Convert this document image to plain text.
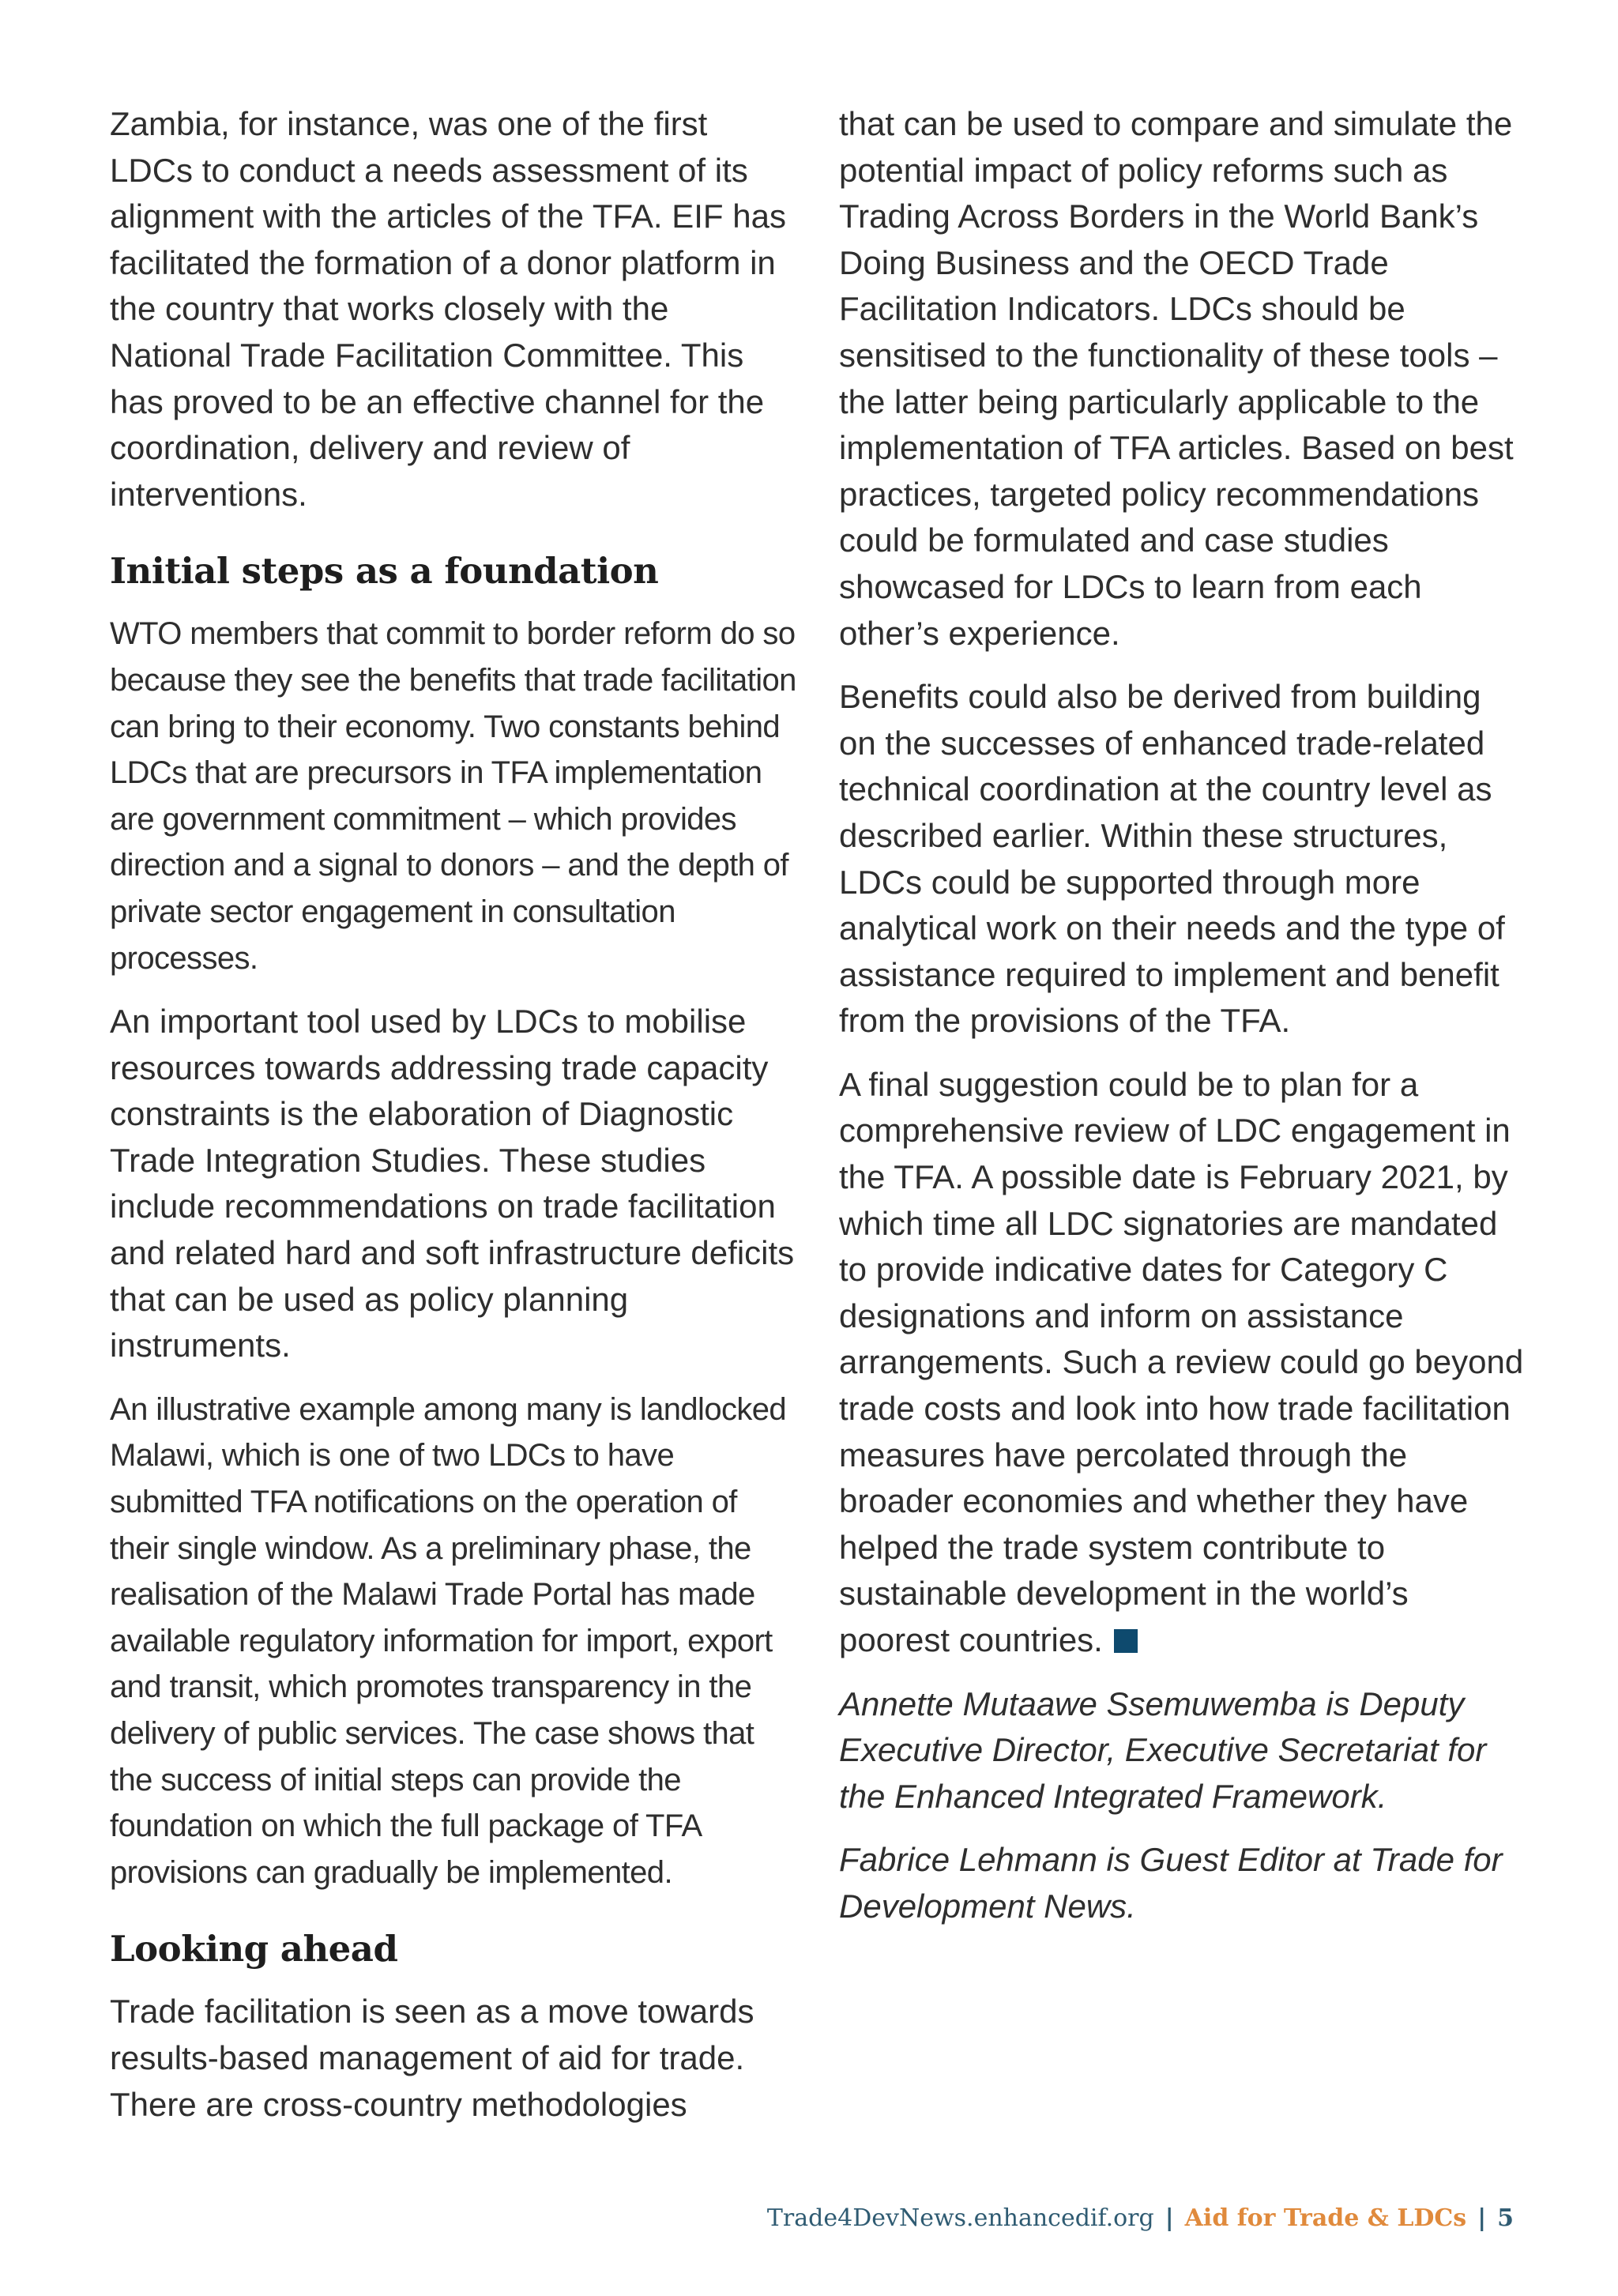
Zambia, for instance, was one of the first LDCs to conduct a needs assessment of its alignment with the articles of the TFA. EIF has facilitated the formation of a donor platform in the country that works closely with the National Trade Facilitation Committee. This has proved to be an effective channel for the coordination, delivery and review of interventions.

Initial steps as a foundation

WTO members that commit to border reform do so because they see the benefits that trade facilitation can bring to their economy. Two constants behind LDCs that are precursors in TFA implementation are government commitment – which provides direction and a signal to donors – and the depth of private sector engagement in consultation processes.

An important tool used by LDCs to mobilise resources towards addressing trade capacity constraints is the elaboration of Diagnostic Trade Integration Studies. These studies include recommendations on trade facilitation and related hard and soft infrastructure deficits that can be used as policy planning instruments.

An illustrative example among many is landlocked Malawi, which is one of two LDCs to have submitted TFA notifications on the operation of their single window. As a preliminary phase, the realisation of the Malawi Trade Portal has made available regulatory information for import, export and transit, which promotes transparency in the delivery of public services. The case shows that the success of initial steps can provide the foundation on which the full package of TFA provisions can gradually be implemented.

Looking ahead

Trade facilitation is seen as a move towards results-based management of aid for trade. There are cross-country methodologies

that can be used to compare and simulate the potential impact of policy reforms such as Trading Across Borders in the World Bank’s Doing Business and the OECD Trade Facilitation Indicators. LDCs should be sensitised to the functionality of these tools – the latter being particularly applicable to the implementation of TFA articles. Based on best practices, targeted policy recommendations could be formulated and case studies showcased for LDCs to learn from each other’s experience.

Benefits could also be derived from building on the successes of enhanced trade-related technical coordination at the country level as described earlier. Within these structures, LDCs could be supported through more analytical work on their needs and the type of assistance required to implement and benefit from the provisions of the TFA.

A final suggestion could be to plan for a comprehensive review of LDC engagement in the TFA. A possible date is February 2021, by which time all LDC signatories are mandated to provide indicative dates for Category C designations and inform on assistance arrangements. Such a review could go beyond trade costs and look into how trade facilitation measures have percolated through the broader economies and whether they have helped the trade system contribute to sustainable development in the world’s poorest countries.

Annette Mutaawe Ssemuwemba is Deputy Executive Director, Executive Secretariat for the Enhanced Integrated Framework.

Fabrice Lehmann is Guest Editor at Trade for Development News.

Trade4DevNews.enhancedif.org | Aid for Trade & LDCs | 5
